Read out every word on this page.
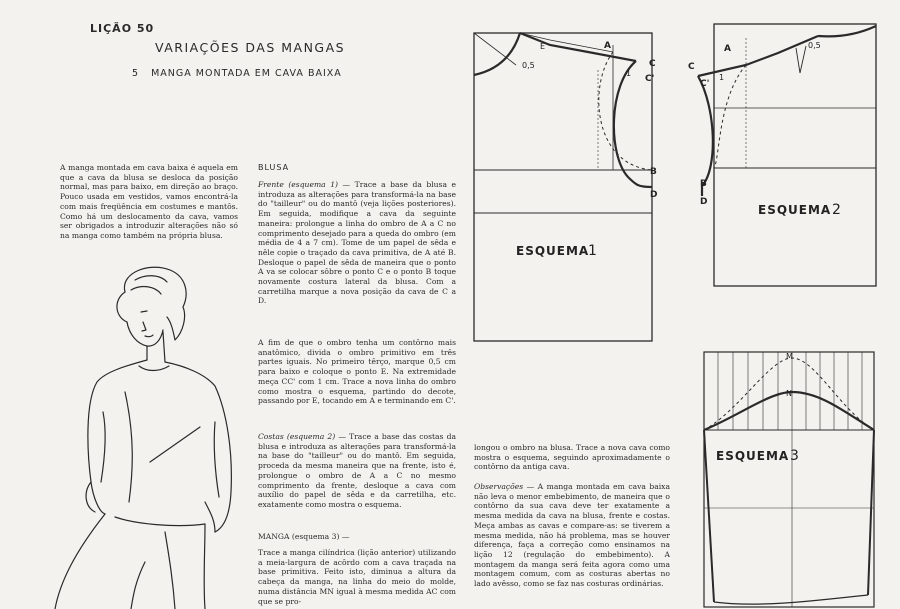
LIÇÃO 50
VARIAÇÕES DAS MANGAS
5 MANGA MONTADA EM CAVA BAIXA
A manga montada em cava baixa é aquela em que a cava da blusa se desloca da posição normal, mas para baixo, em direção ao braço. Pouco usada em vestidos, vamos encontrá-la com mais freqüência em costumes e mantôs. Como há um deslocamento da cava, vamos ser obrigados a introduzir alterações não só na manga como também na própria blusa.
BLUSA
Frente (esquema 1) — Trace a base da blusa e introduza as alterações para transformá-la na base do "tailleur" ou do mantô (veja lições posteriores). Em seguida, modifique a cava da seguinte maneira: prolongue a linha do ombro de A a C no comprimento desejado para a queda do ombro (em média de 4 a 7 cm). Tome de um papel de sêda e nêle copie o traçado da cava primitiva, de A até B. Desloque o papel de sêda de maneira que o ponto A va se colocar sôbre o ponto C e o ponto B toque novamente costura lateral da blusa. Com a carretilha marque a nova posição da cava de C a D.
A fim de que o ombro tenha um contôrno mais anatômico, divida o ombro primitivo em três partes iguais. No primeiro têrço, marque 0,5 cm para baixo e coloque o ponto E. Na extremidade meça CC' com 1 cm. Trace a nova linha do ombro como mostra o esquema, partindo do decote, passando por E, tocando em A e terminando em C'.
Costas (esquema 2) — Trace a base das costas da blusa e introduza as alterações para transformá-la na base do "tailleur" ou do mantô. Em seguida, proceda da mesma maneira que na frente, isto é, prolongue o ombro de A a C no mesmo comprimento da frente, desloque a cava com auxílio do papel de sêda e da carretilha, etc. exatamente como mostra o esquema.
MANGA (esquema 3) —
Trace a manga cilíndrica (lição anterior) utilizando a meia-largura de acôrdo com a cava traçada na base primitiva. Feito isto, diminua a altura da cabeça da manga, na linha do meio do molde, numa distância MN igual à mesma medida AC com que se pro-
longou o ombro na blusa. Trace a nova cava como mostra o esquema, seguindo aproximadamente o contôrno da antiga cava.
Observações — A manga montada em cava baixa não leva o menor embebimento, de maneira que o contôrno da sua cava deve ter exatamente a mesma medida da cava na blusa, frente e costas. Meça ambas as cavas e compare-as: se tiverem a mesma medida, não há problema, mas se houver diferença, faça a correção como ensinamos na lição 12 (regulação do embebimento). A montagem da manga será feita agora como uma montagem comum, com as costuras abertas no lado avêsso, como se faz nas costuras ordinárias.
E
0,5
A
C
C'
1
B
D
ESQUEMA
1
A	0,5
C
C'
1
B
D
ESQUEMA 2
M
N
ESQUEMA 3
